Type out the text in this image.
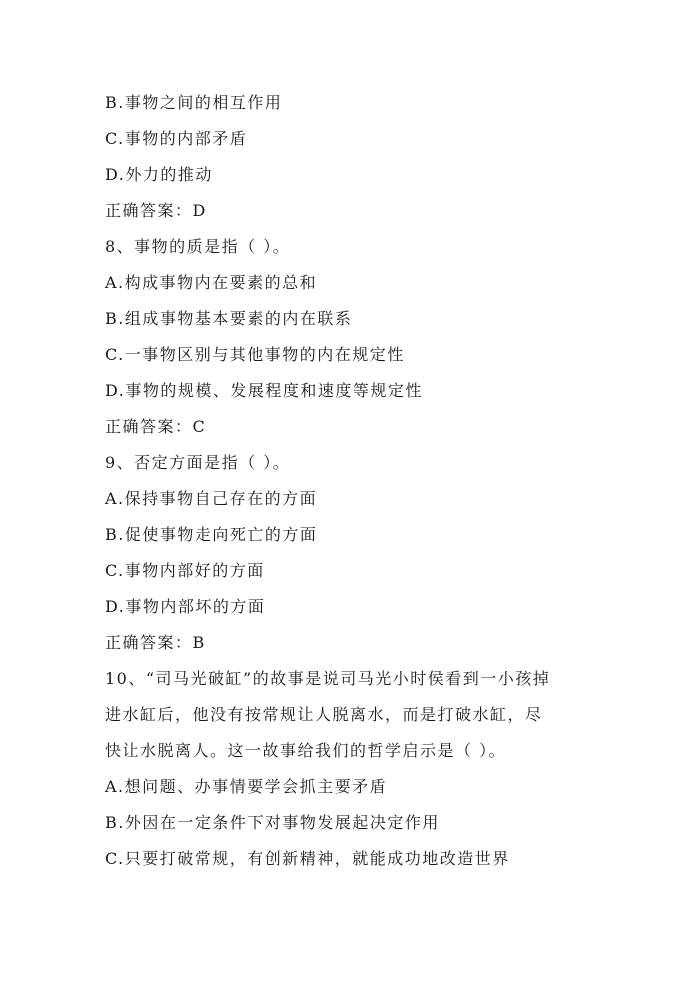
B.事物之间的相互作用
C.事物的内部矛盾
D.外力的推动
正确答案：D
8、事物的质是指（ ）。
A.构成事物内在要素的总和
B.组成事物基本要素的内在联系
C.一事物区别与其他事物的内在规定性
D.事物的规模、发展程度和速度等规定性
正确答案：C
9、否定方面是指（ ）。
A.保持事物自己存在的方面
B.促使事物走向死亡的方面
C.事物内部好的方面
D.事物内部坏的方面
正确答案：B
10、“司马光破缸”的故事是说司马光小时侯看到一小孩掉
进水缸后，他没有按常规让人脱离水，而是打破水缸，尽
快让水脱离人。这一故事给我们的哲学启示是（ ）。
A.想问题、办事情要学会抓主要矛盾
B.外因在一定条件下对事物发展起决定作用
C.只要打破常规，有创新精神，就能成功地改造世界
